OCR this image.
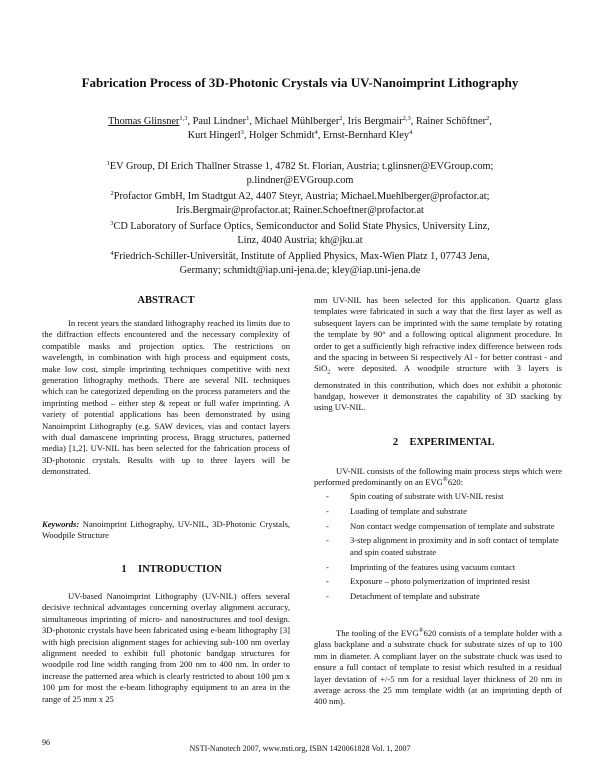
Fabrication Process of 3D-Photonic Crystals via UV-Nanoimprint Lithography
Thomas Glinsner$^{1,3}$, Paul Lindner$^1$, Michael Mühlberger$^2$, Iris Bergmair$^{2,3}$, Rainer Schöftner$^2$,
Kurt Hingerl$^3$, Holger Schmidt$^4$, Ernst-Bernhard Kley$^4$
$^1$EV Group, DI Erich Thallner Strasse 1, 4782 St. Florian, Austria; t.glinsner@EVGroup.com;
p.lindner@EVGroup.com
$^2$Profactor GmbH, Im Stadtgut A2, 4407 Steyr, Austria; Michael.Muehlberger@profactor.at;
Iris.Bergmair@profactor.at; Rainer.Schoeftner@profactor.at
$^3$CD Laboratory of Surface Optics, Semiconductor and Solid State Physics, University Linz,
Linz, 4040 Austria; kh@jku.at
$^4$Friedrich-Schiller-Universität, Institute of Applied Physics, Max-Wien Platz 1, 07743 Jena,
Germany; schmidt@iap.uni-jena.de; kley@iap.uni-jena.de
ABSTRACT

In recent years the standard lithography reached its limits due to the diffraction effects encountered and the necessary complexity of compatible masks and projection optics. The restrictions on wavelength, in combination with high process and equipment costs, make low cost, simple imprinting techniques competitive with next generation lithography methods. There are several NIL techniques which can be categorized depending on the process parameters and the imprinting method – either step & repeat or full wafer imprinting. A variety of potential applications has been demonstrated by using Nanoimprint Lithography (e.g. SAW devices, vias and contact layers with dual damascene imprinting process, Bragg structures, patterned media) [1,2]. UV-NIL has been selected for the fabrication process of 3D-photonic crystals. Results with up to three layers will be demonstrated.

Keywords: Nanoimprint Lithography, UV-NIL, 3D-Photonic Crystals, Woodpile Structure

1 INTRODUCTION

UV-based Nanoimprint Lithography (UV-NIL) offers several decisive technical advantages concerning overlay alignment accuracy, simultaneous imprinting of micro- and nanostructures and tool design. 3D-photonic crystals have been fabricated using e-beam lithography [3] with high precision alignment stages for achieving sub-100 nm overlay alignment needed to exhibit full photonic bandgap structures for woodpile rod line width ranging from 200 nm to 400 nm. In order to increase the patterned area which is clearly restricted to about 100 µm x 100 µm for most the e-beam lithography equipment to an area in the range of 25 mm x 25

mm UV-NIL has been selected for this application. Quartz glass templates were fabricated in such a way that the first layer as well as subsequent layers can be imprinted with the same template by rotating the template by 90° and a following optical alignment procedure. In order to get a sufficiently high refractive index difference between rods and the spacing in between Si respectively Al - for better contrast - and SiO$_2$ were deposited. A woodpile structure with 3 layers is demonstrated in this contribution, which does not exhibit a photonic bandgap, however it demonstrates the capability of 3D stacking by using UV-NIL.

2 EXPERIMENTAL

UV-NIL consists of the following main process steps which were performed predominantly on an EVG®620:

- Spin coating of substrate with UV-NIL resist
- Loading of template and substrate
- Non contact wedge compensation of template and substrate
- 3-step alignment in proximity and in soft contact of template and spin coated substrate
- Imprinting of the features using vacuum contact
- Exposure – photo polymerization of imprinted resist
- Detachment of template and substrate

The tooling of the EVG®620 consists of a template holder with a glass backplane and a substrate chuck for substrate sizes of up to 100 mm in diameter. A compliant layer on the substrate chuck was used to ensure a full contact of template to resist which resulted in a residual layer deviation of +/-5 nm for a residual layer thickness of 20 nm in average across the 25 mm template width (at an imprinting depth of 400 nm).

96
NSTI-Nanotech 2007, www.nsti.org, ISBN 1420061828 Vol. 1, 2007
